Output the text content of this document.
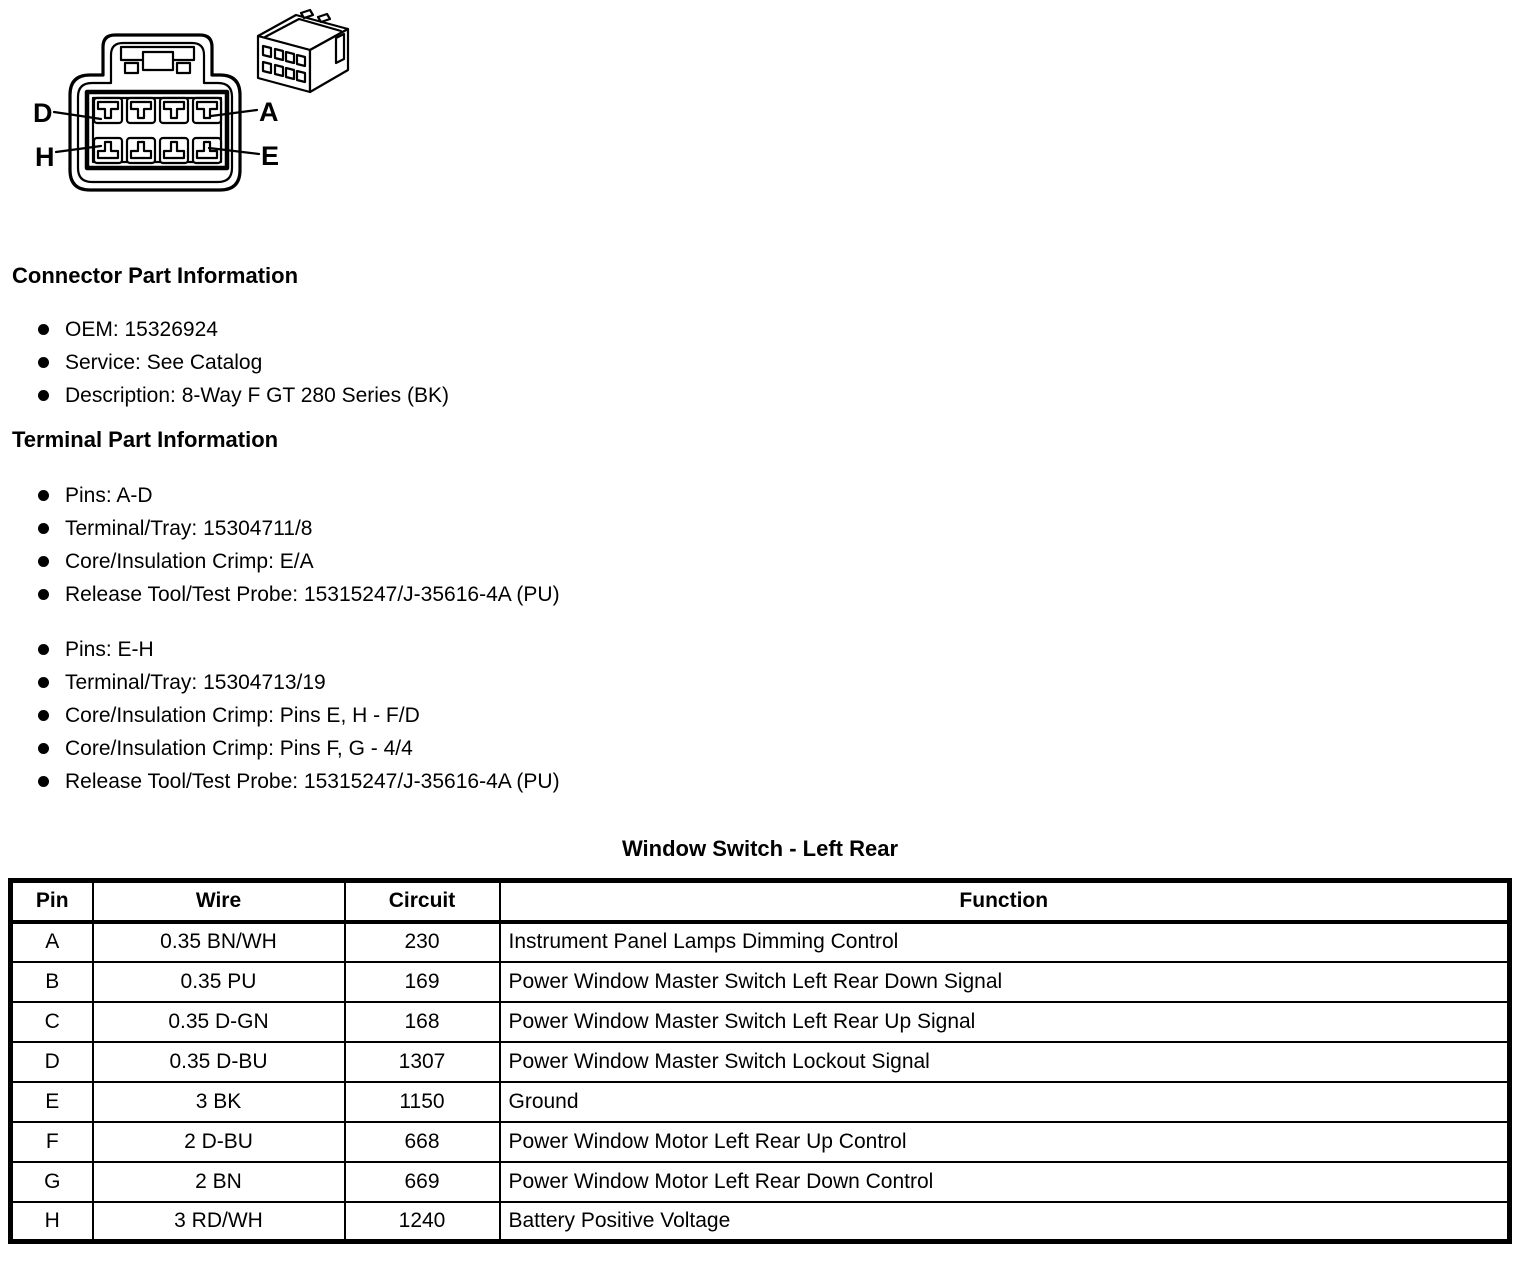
D	A
H	E
Connector Part Information
OEM: 15326924
Service: See Catalog
Description: 8-Way F GT 280 Series (BK)
Terminal Part Information
Pins: A-D
Terminal/Tray: 15304711/8
Core/Insulation Crimp: E/A
Release Tool/Test Probe: 15315247/J-35616-4A (PU)
Pins: E-H
Terminal/Tray: 15304713/19
Core/Insulation Crimp: Pins E, H - F/D
Core/Insulation Crimp: Pins F, G - 4/4
Release Tool/Test Probe: 15315247/J-35616-4A (PU)
Window Switch - Left Rear
Pin	Wire	Circuit	Function
A	0.35 BN/WH	230	Instrument Panel Lamps Dimming Control
B	0.35 PU	169	Power Window Master Switch Left Rear Down Signal
C	0.35 D-GN	168	Power Window Master Switch Left Rear Up Signal
D	0.35 D-BU	1307	Power Window Master Switch Lockout Signal
E	3 BK	1150	Ground
F	2 D-BU	668	Power Window Motor Left Rear Up Control
G	2 BN	669	Power Window Motor Left Rear Down Control
H	3 RD/WH	1240	Battery Positive Voltage
